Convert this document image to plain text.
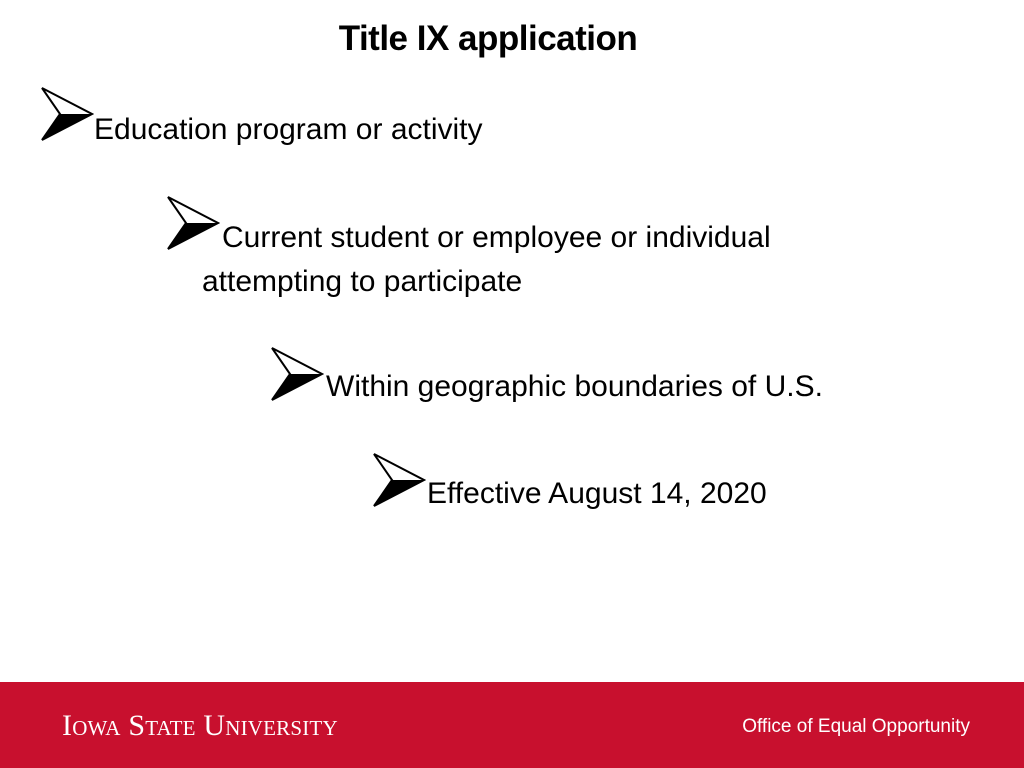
Title IX application
Education program or activity
Current student or employee or individual
attempting to participate
Within geographic boundaries of U.S.
Effective August 14, 2020
Iowa State University	Office of Equal Opportunity
